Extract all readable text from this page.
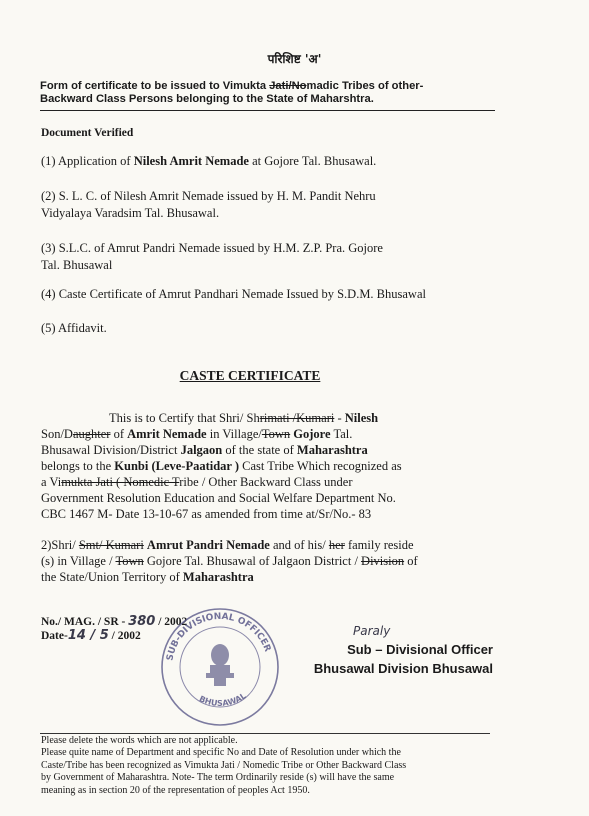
परिशिष्ट 'अ'
Form of certificate to be issued to Vimukta Jati/Nomadic Tribes of other-
Backward Class Persons belonging to the State of Maharshtra.
Document Verified
(1) Application of Nilesh Amrit Nemade at Gojore Tal. Bhusawal.
(2) S. L. C. of Nilesh Amrit Nemade issued by H. M. Pandit Nehru
Vidyalaya Varadsim Tal. Bhusawal.
(3) S.L.C. of Amrut Pandri Nemade issued by H.M. Z.P. Pra. Gojore
Tal. Bhusawal
(4) Caste Certificate of Amrut Pandhari Nemade Issued by S.D.M. Bhusawal
(5) Affidavit.
CASTE CERTIFICATE
This is to Certify that Shri/ Shrimati /Kumari - Nilesh
Son/Daughter of Amrit Nemade in Village/Town Gojore Tal.
Bhusawal Division/District Jalgaon of the state of Maharashtra
belongs to the Kunbi (Leve-Paatidar ) Cast Tribe Which recognized as
a Vimukta Jati ( Nomedic Tribe / Other Backward Class under
Government Resolution Education and Social Welfare Department No.
CBC 1467 M- Date 13-10-67 as amended from time at/Sr/No.- 83
2)Shri/ Smt/ Kumari Amrut Pandri Nemade and of his/ her family reside
(s) in Village / Town Gojore Tal. Bhusawal of Jalgaon District / Division of
the State/Union Territory of Maharashtra
No./ MAG. / SR - 380 / 2002
Date-14 / 5 / 2002
SUB-DIVISIONAL OFFICER
BHUSAWAL
Paraly
Sub – Divisional Officer
Bhusawal Division Bhusawal
Please delete the words which are not applicable.
Please quite name of Department and specific No and Date of Resolution under which the
Caste/Tribe has been recognized as Vimukta Jati / Nomedic Tribe or Other Backward Class
by Government of Maharashtra. Note- The term Ordinarily reside (s) will have the same
meaning as in section 20 of the representation of peoples Act 1950.
